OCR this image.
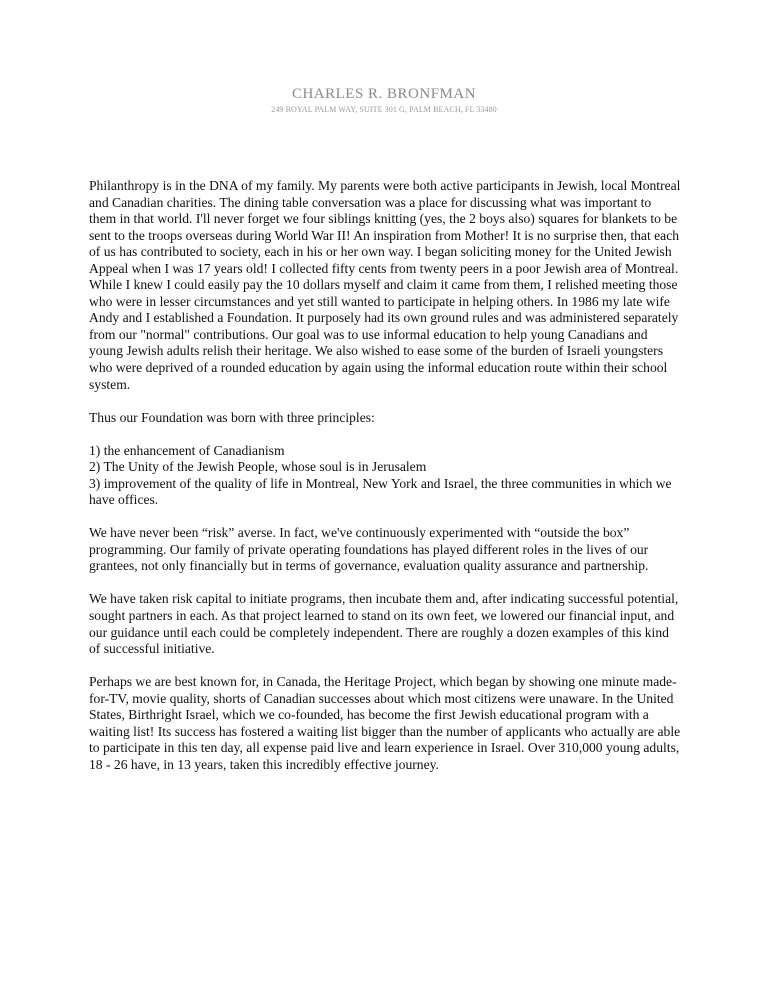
CHARLES R. BRONFMAN
249 ROYAL PALM WAY, SUITE 301 G, PALM BEACH, FL 33480

Philanthropy is in the DNA of my family. My parents were both active participants in Jewish, local Montreal and Canadian charities. The dining table conversation was a place for discussing what was important to them in that world. I'll never forget we four siblings knitting (yes, the 2 boys also) squares for blankets to be sent to the troops overseas during World War II! An inspiration from Mother! It is no surprise then, that each of us has contributed to society, each in his or her own way. I began soliciting money for the United Jewish Appeal when I was 17 years old! I collected fifty cents from twenty peers in a poor Jewish area of Montreal. While I knew I could easily pay the 10 dollars myself and claim it came from them, I relished meeting those who were in lesser circumstances and yet still wanted to participate in helping others. In 1986 my late wife Andy and I established a Foundation. It purposely had its own ground rules and was administered separately from our "normal" contributions. Our goal was to use informal education to help young Canadians and young Jewish adults relish their heritage. We also wished to ease some of the burden of Israeli youngsters who were deprived of a rounded education by again using the informal education route within their school system.

Thus our Foundation was born with three principles:

1) the enhancement of Canadianism
2) The Unity of the Jewish People, whose soul is in Jerusalem
3) improvement of the quality of life in Montreal, New York and Israel, the three communities in which we have offices.

We have never been “risk” averse. In fact, we've continuously experimented with “outside the box” programming. Our family of private operating foundations has played different roles in the lives of our grantees, not only financially but in terms of governance, evaluation quality assurance and partnership.

We have taken risk capital to initiate programs, then incubate them and, after indicating successful potential, sought partners in each. As that project learned to stand on its own feet, we lowered our financial input, and our guidance until each could be completely independent. There are roughly a dozen examples of this kind of successful initiative.

Perhaps we are best known for, in Canada, the Heritage Project, which began by showing one minute made-for-TV, movie quality, shorts of Canadian successes about which most citizens were unaware. In the United States, Birthright Israel, which we co-founded, has become the first Jewish educational program with a waiting list! Its success has fostered a waiting list bigger than the number of applicants who actually are able to participate in this ten day, all expense paid live and learn experience in Israel. Over 310,000 young adults, 18 - 26 have, in 13 years, taken this incredibly effective journey.
